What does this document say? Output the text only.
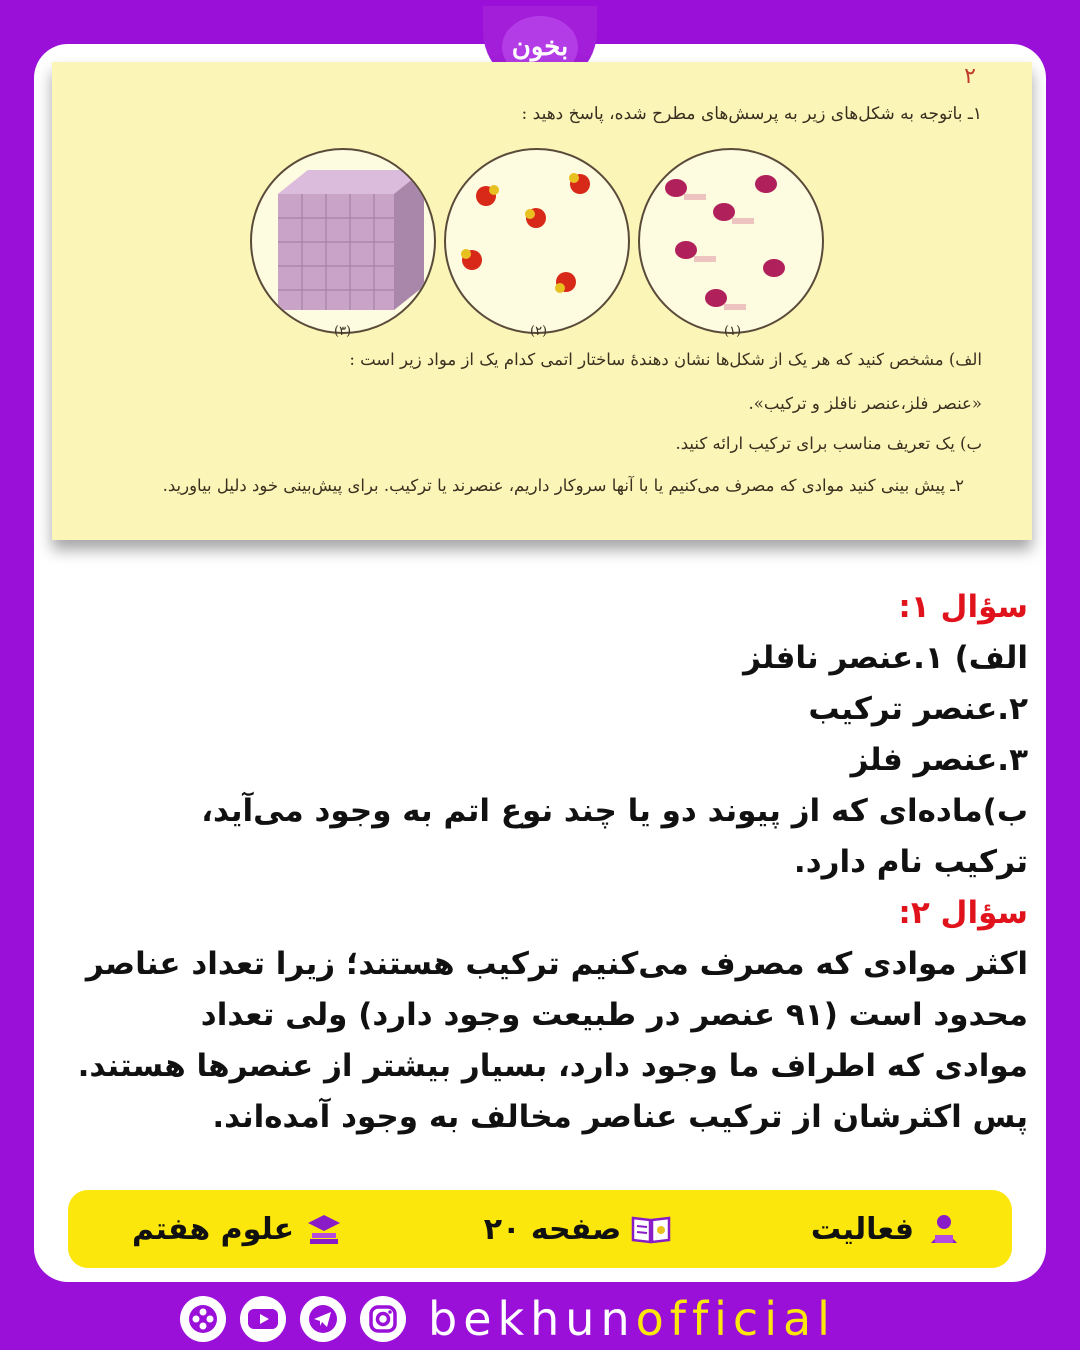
بخون
۲
۱ـ باتوجه به شکل‌های زیر به پرسش‌های مطرح شده، پاسخ دهید :
(۱)
(۲)
(۳)
الف) مشخص کنید که هر یک از شکل‌ها نشان دهندهٔ ساختار اتمی کدام یک از مواد زیر است :
«عنصر فلز،عنصر نافلز و ترکیب».
ب) یک تعریف مناسب برای ترکیب ارائه کنید.
۲ـ پیش بینی کنید موادی که مصرف می‌کنیم یا با آنها سروکار داریم، عنصرند یا ترکیب. برای پیش‌بینی خود دلیل بیاورید.
سؤال ۱:
الف) ۱.عنصر نافلز
۲.عنصر ترکیب
۳.عنصر فلز
ب)ماده‌ای که از پیوند دو یا چند نوع اتم به وجود می‌آید،
ترکیب نام دارد.
سؤال ۲:
اکثر موادی که مصرف می‌کنیم ترکیب هستند؛ زیرا تعداد عناصر
محدود است (۹۱ عنصر در طبیعت وجود دارد) ولی تعداد
موادی که اطراف ما وجود دارد، بسیار بیشتر از عنصرها هستند.
پس اکثرشان از ترکیب عناصر مخالف به وجود آمده‌اند.
فعالیت
صفحه ۲۰
علوم هفتم
bekhunofficial
